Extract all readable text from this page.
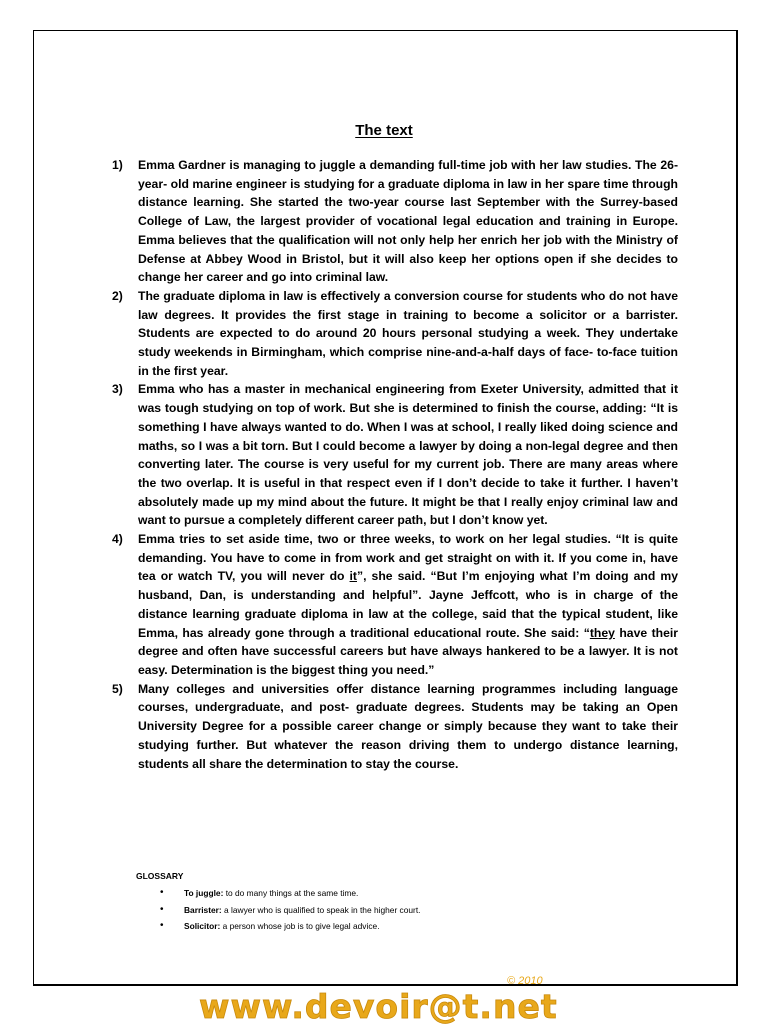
The text
1) Emma Gardner is managing to juggle a demanding full-time job with her law studies. The 26-year- old marine engineer is studying for a graduate diploma in law in her spare time through distance learning. She started the two-year course last September with the Surrey-based College of Law, the largest provider of vocational legal education and training in Europe. Emma believes that the qualification will not only help her enrich her job with the Ministry of Defense at Abbey Wood in Bristol, but it will also keep her options open if she decides to change her career and go into criminal law.
2) The graduate diploma in law is effectively a conversion course for students who do not have law degrees. It provides the first stage in training to become a solicitor or a barrister. Students are expected to do around 20 hours personal studying a week. They undertake study weekends in Birmingham, which comprise nine-and-a-half days of face- to-face tuition in the first year.
3) Emma who has a master in mechanical engineering from Exeter University, admitted that it was tough studying on top of work. But she is determined to finish the course, adding: “It is something I have always wanted to do. When I was at school, I really liked doing science and maths, so I was a bit torn. But I could become a lawyer by doing a non-legal degree and then converting later. The course is very useful for my current job. There are many areas where the two overlap. It is useful in that respect even if I don’t decide to take it further. I haven’t absolutely made up my mind about the future. It might be that I really enjoy criminal law and want to pursue a completely different career path, but I don’t know yet.
4) Emma tries to set aside time, two or three weeks, to work on her legal studies. “It is quite demanding. You have to come in from work and get straight on with it. If you come in, have tea or watch TV, you will never do it”, she said. “But I’m enjoying what I’m doing and my husband, Dan, is understanding and helpful”. Jayne Jeffcott, who is in charge of the distance learning graduate diploma in law at the college, said that the typical student, like Emma, has already gone through a traditional educational route. She said: “they have their degree and often have successful careers but have always hankered to be a lawyer. It is not easy. Determination is the biggest thing you need.”
5) Many colleges and universities offer distance learning programmes including language courses, undergraduate, and post- graduate degrees. Students may be taking an Open University Degree for a possible career change or simply because they want to take their studying further. But whatever the reason driving them to undergo distance learning, students all share the determination to stay the course.

GLOSSARY

• To juggle: to do many things at the same time.
• Barrister: a lawyer who is qualified to speak in the higher court.
• Solicitor: a person whose job is to give legal advice.
© 2010
www.devoir@t.net
